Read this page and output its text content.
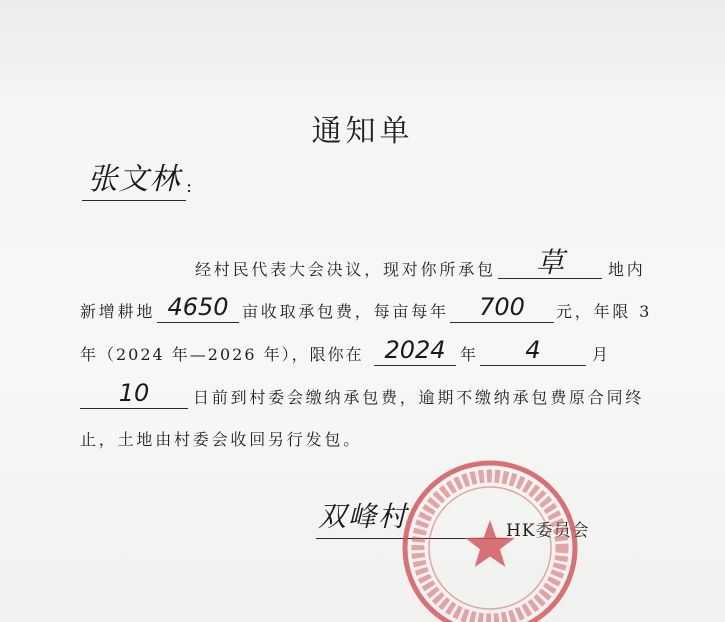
通知单
张文林 :
经村民代表大会决议，现对你所承包	草	地内
新增耕地 4650 亩收取承包费，每亩每年	700	元，年限 3
年（2024 年—2026 年），限你在 2024 年	4	月
10	日前到村委会缴纳承包费，逾期不缴纳承包费原合同终
止，土地由村委会收回另行发包。
双峰村	HK委员会
